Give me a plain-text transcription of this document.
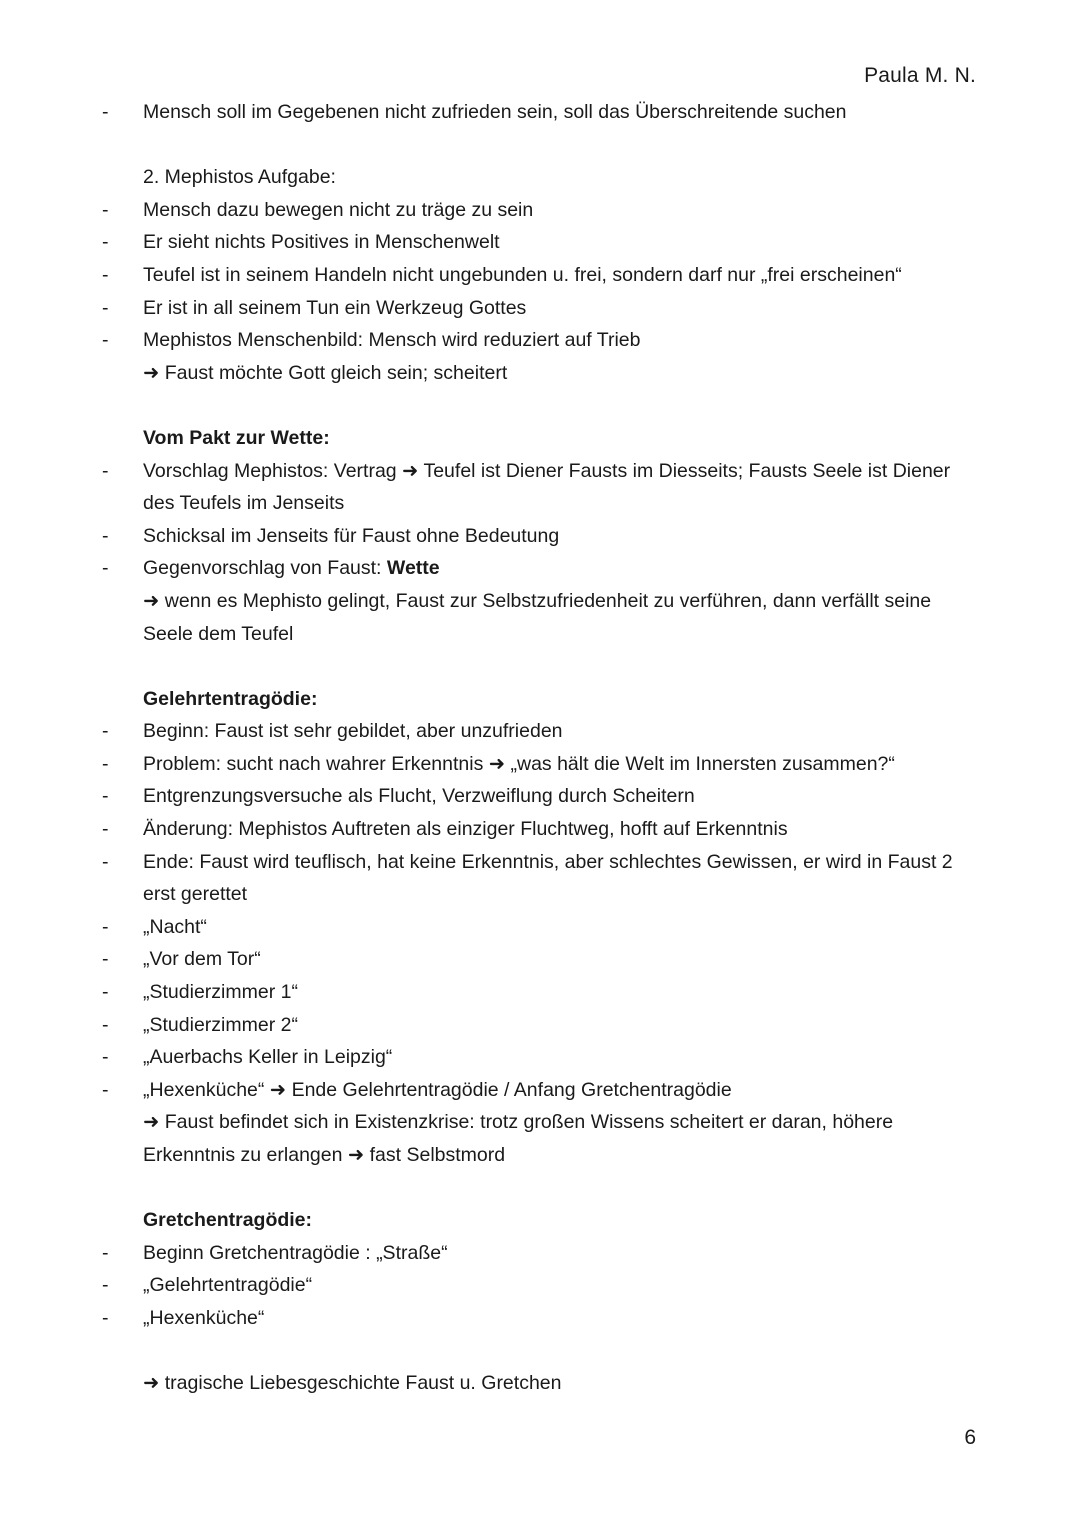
Paula M. N.
- Mensch soll im Gegebenen nicht zufrieden sein, soll das Überschreitende suchen
2. Mephistos Aufgabe:
- Mensch dazu bewegen nicht zu träge zu sein
- Er sieht nichts Positives in Menschenwelt
- Teufel ist in seinem Handeln nicht ungebunden u. frei, sondern darf nur „frei erscheinen“
- Er ist in all seinem Tun ein Werkzeug Gottes
- Mephistos Menschenbild: Mensch wird reduziert auf Trieb
➜ Faust möchte Gott gleich sein; scheitert
Vom Pakt zur Wette:
- Vorschlag Mephistos: Vertrag ➜ Teufel ist Diener Fausts im Diesseits; Fausts Seele ist Diener
des Teufels im Jenseits
- Schicksal im Jenseits für Faust ohne Bedeutung
- Gegenvorschlag von Faust: Wette
➜ wenn es Mephisto gelingt, Faust zur Selbstzufriedenheit zu verführen, dann verfällt seine
Seele dem Teufel
Gelehrtentragödie:
- Beginn: Faust ist sehr gebildet, aber unzufrieden
- Problem: sucht nach wahrer Erkenntnis ➜ „was hält die Welt im Innersten zusammen?“
- Entgrenzungsversuche als Flucht, Verzweiflung durch Scheitern
- Änderung: Mephistos Auftreten als einziger Fluchtweg, hofft auf Erkenntnis
- Ende: Faust wird teuflisch, hat keine Erkenntnis, aber schlechtes Gewissen, er wird in Faust 2
erst gerettet
- „Nacht“
- „Vor dem Tor“
- „Studierzimmer 1“
- „Studierzimmer 2“
- „Auerbachs Keller in Leipzig“
- „Hexenküche“ ➜ Ende Gelehrtentragödie / Anfang Gretchentragödie
➜ Faust befindet sich in Existenzkrise: trotz großen Wissens scheitert er daran, höhere
Erkenntnis zu erlangen ➜ fast Selbstmord
Gretchentragödie:
- Beginn Gretchentragödie : „Straße“
- „Gelehrtentragödie“
- „Hexenküche“
➜ tragische Liebesgeschichte Faust u. Gretchen
6
